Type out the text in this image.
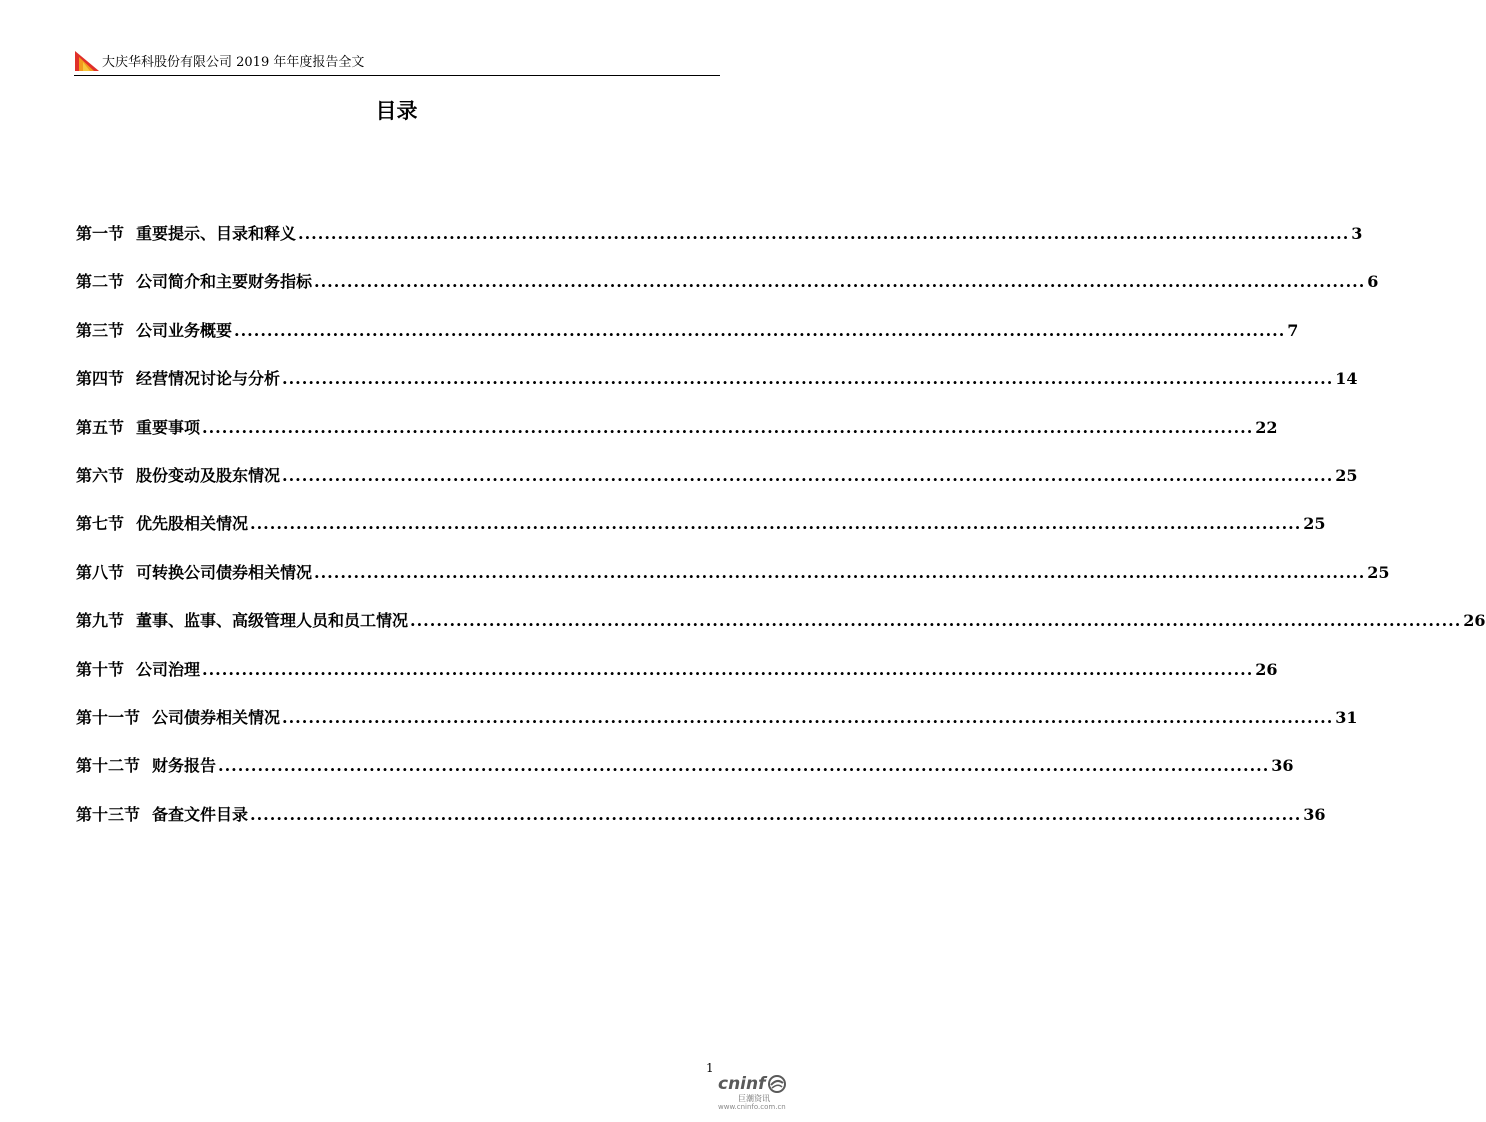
大庆华科股份有限公司 2019 年年度报告全文
目录
第一节 重要提示、目录和释义 ................................................................................................................................................................ 3
第二节 公司简介和主要财务指标 ................................................................................................................................................................ 6
第三节 公司业务概要 ................................................................................................................................................................ 7
第四节 经营情况讨论与分析 ................................................................................................................................................................ 14
第五节 重要事项 ................................................................................................................................................................ 22
第六节 股份变动及股东情况 ................................................................................................................................................................ 25
第七节 优先股相关情况 ................................................................................................................................................................ 25
第八节 可转换公司债券相关情况 ................................................................................................................................................................ 25
第九节 董事、监事、高级管理人员和员工情况 ................................................................................................................................................................ 26
第十节 公司治理 ................................................................................................................................................................ 26
第十一节 公司债券相关情况 ................................................................................................................................................................ 31
第十二节 财务报告 ................................................................................................................................................................ 36
第十三节 备查文件目录 ................................................................................................................................................................ 36
1
cninf
巨潮资讯
www.cninfo.com.cn
